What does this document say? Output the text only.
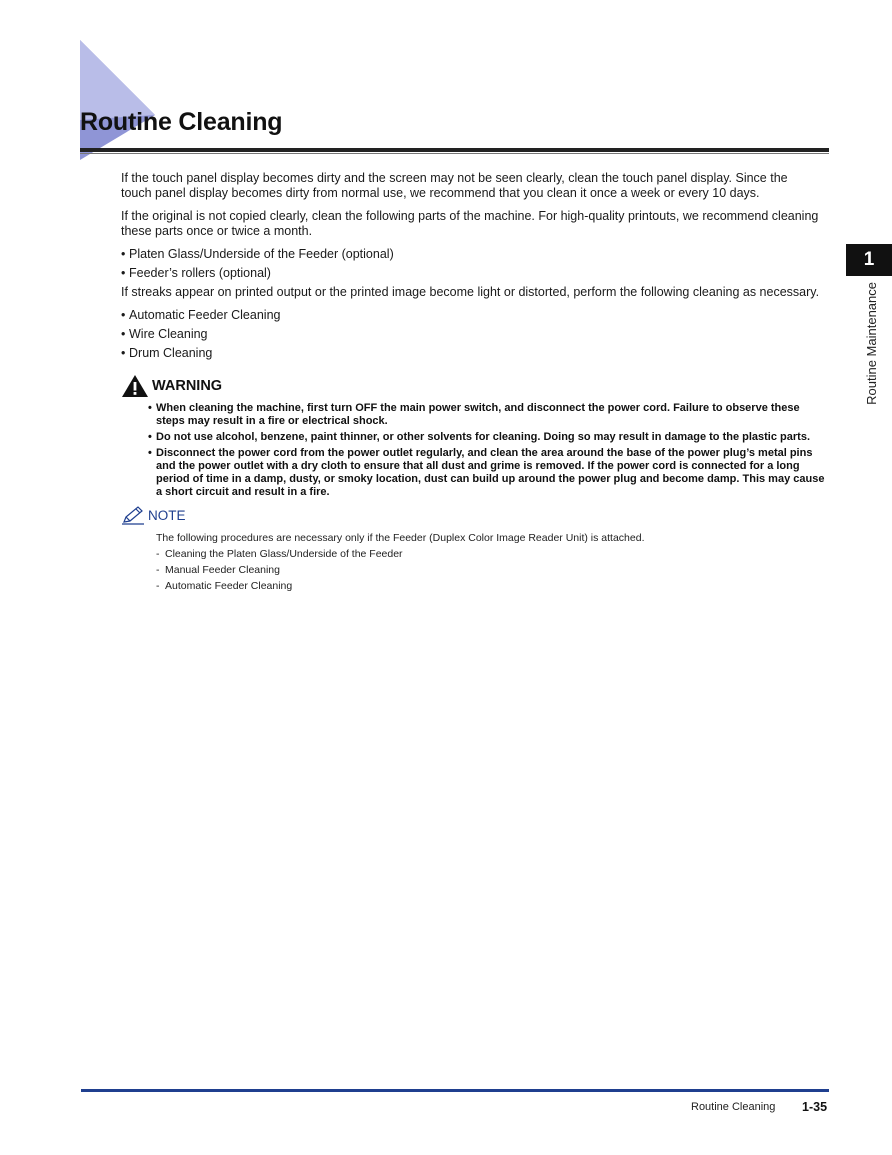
Routine Cleaning
1
Routine Maintenance

If the touch panel display becomes dirty and the screen may not be seen clearly, clean the touch panel display. Since the touch panel display becomes dirty from normal use, we recommend that you clean it once a week or every 10 days.

If the original is not copied clearly, clean the following parts of the machine. For high-quality printouts, we recommend cleaning these parts once or twice a month.

• Platen Glass/Underside of the Feeder (optional)
• Feeder’s rollers (optional)

If streaks appear on printed output or the printed image become light or distorted, perform the following cleaning as necessary.

• Automatic Feeder Cleaning
• Wire Cleaning
• Drum Cleaning
WARNING
• When cleaning the machine, first turn OFF the main power switch, and disconnect the power cord. Failure to observe these steps may result in a fire or electrical shock.
• Do not use alcohol, benzene, paint thinner, or other solvents for cleaning. Doing so may result in damage to the plastic parts.
• Disconnect the power cord from the power outlet regularly, and clean the area around the base of the power plug’s metal pins and the power outlet with a dry cloth to ensure that all dust and grime is removed. If the power cord is connected for a long period of time in a damp, dusty, or smoky location, dust can build up around the power plug and become damp. This may cause a short circuit and result in a fire.
NOTE

The following procedures are necessary only if the Feeder (Duplex Color Image Reader Unit) is attached.

- Cleaning the Platen Glass/Underside of the Feeder
- Manual Feeder Cleaning
- Automatic Feeder Cleaning
Routine Cleaning 1-35
